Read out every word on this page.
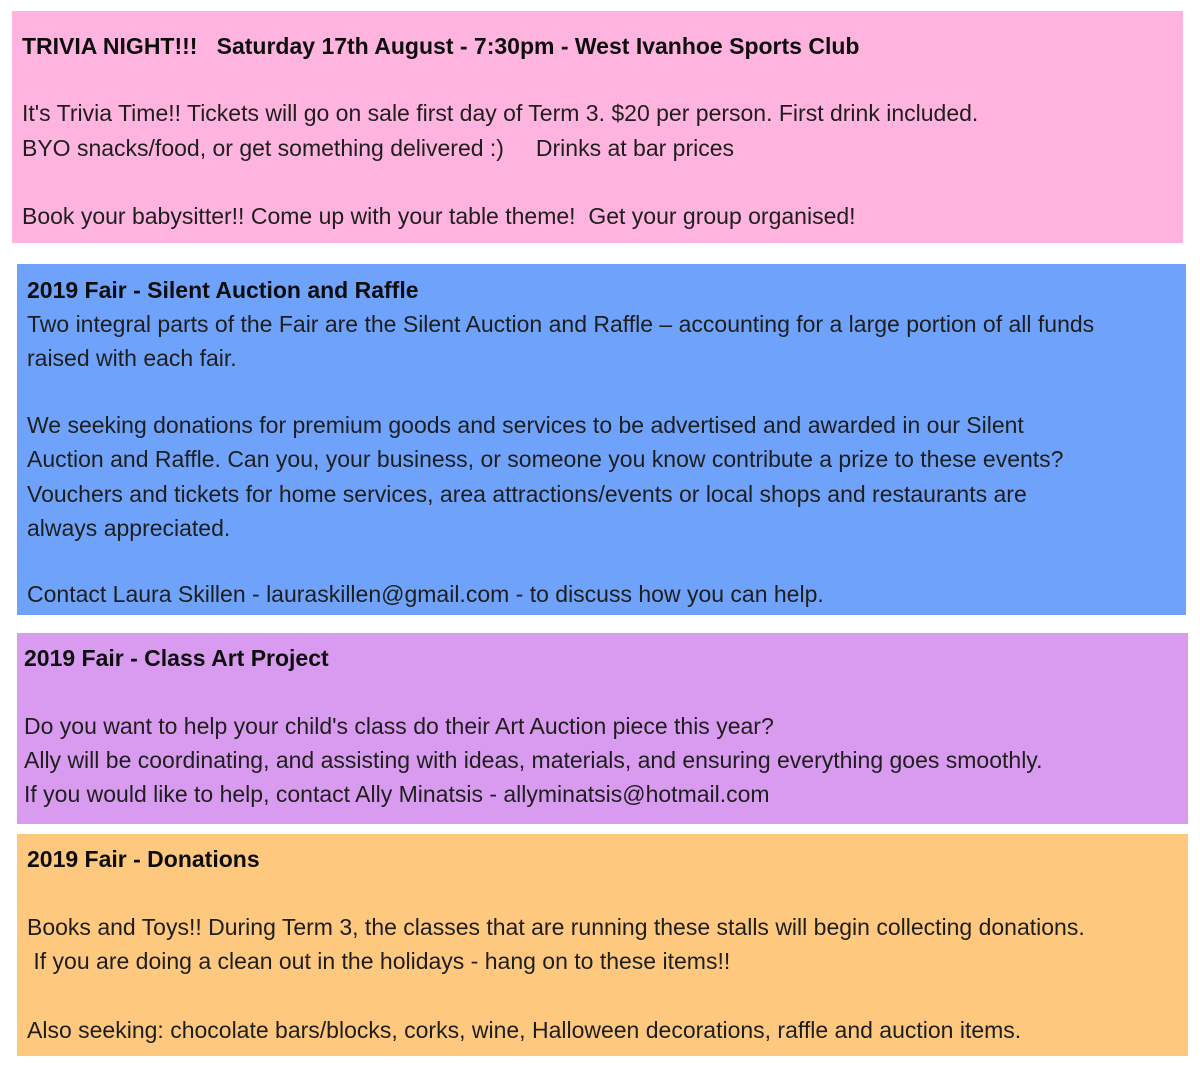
TRIVIA NIGHT!!!   Saturday 17th August - 7:30pm - West Ivanhoe Sports Club
It's Trivia Time!! Tickets will go on sale first day of Term 3. $20 per person. First drink included.
BYO snacks/food, or get something delivered :)     Drinks at bar prices
Book your babysitter!! Come up with your table theme!  Get your group organised!
2019 Fair - Silent Auction and Raffle
Two integral parts of the Fair are the Silent Auction and Raffle – accounting for a large portion of all funds
raised with each fair.
We seeking donations for premium goods and services to be advertised and awarded in our Silent
Auction and Raffle. Can you, your business, or someone you know contribute a prize to these events?
Vouchers and tickets for home services, area attractions/events or local shops and restaurants are
always appreciated.
Contact Laura Skillen - lauraskillen@gmail.com - to discuss how you can help.
2019 Fair - Class Art Project
Do you want to help your child's class do their Art Auction piece this year?
Ally will be coordinating, and assisting with ideas, materials, and ensuring everything goes smoothly.
If you would like to help, contact Ally Minatsis - allyminatsis@hotmail.com
2019 Fair - Donations
Books and Toys!! During Term 3, the classes that are running these stalls will begin collecting donations.
If you are doing a clean out in the holidays - hang on to these items!!
Also seeking: chocolate bars/blocks, corks, wine, Halloween decorations, raffle and auction items.
